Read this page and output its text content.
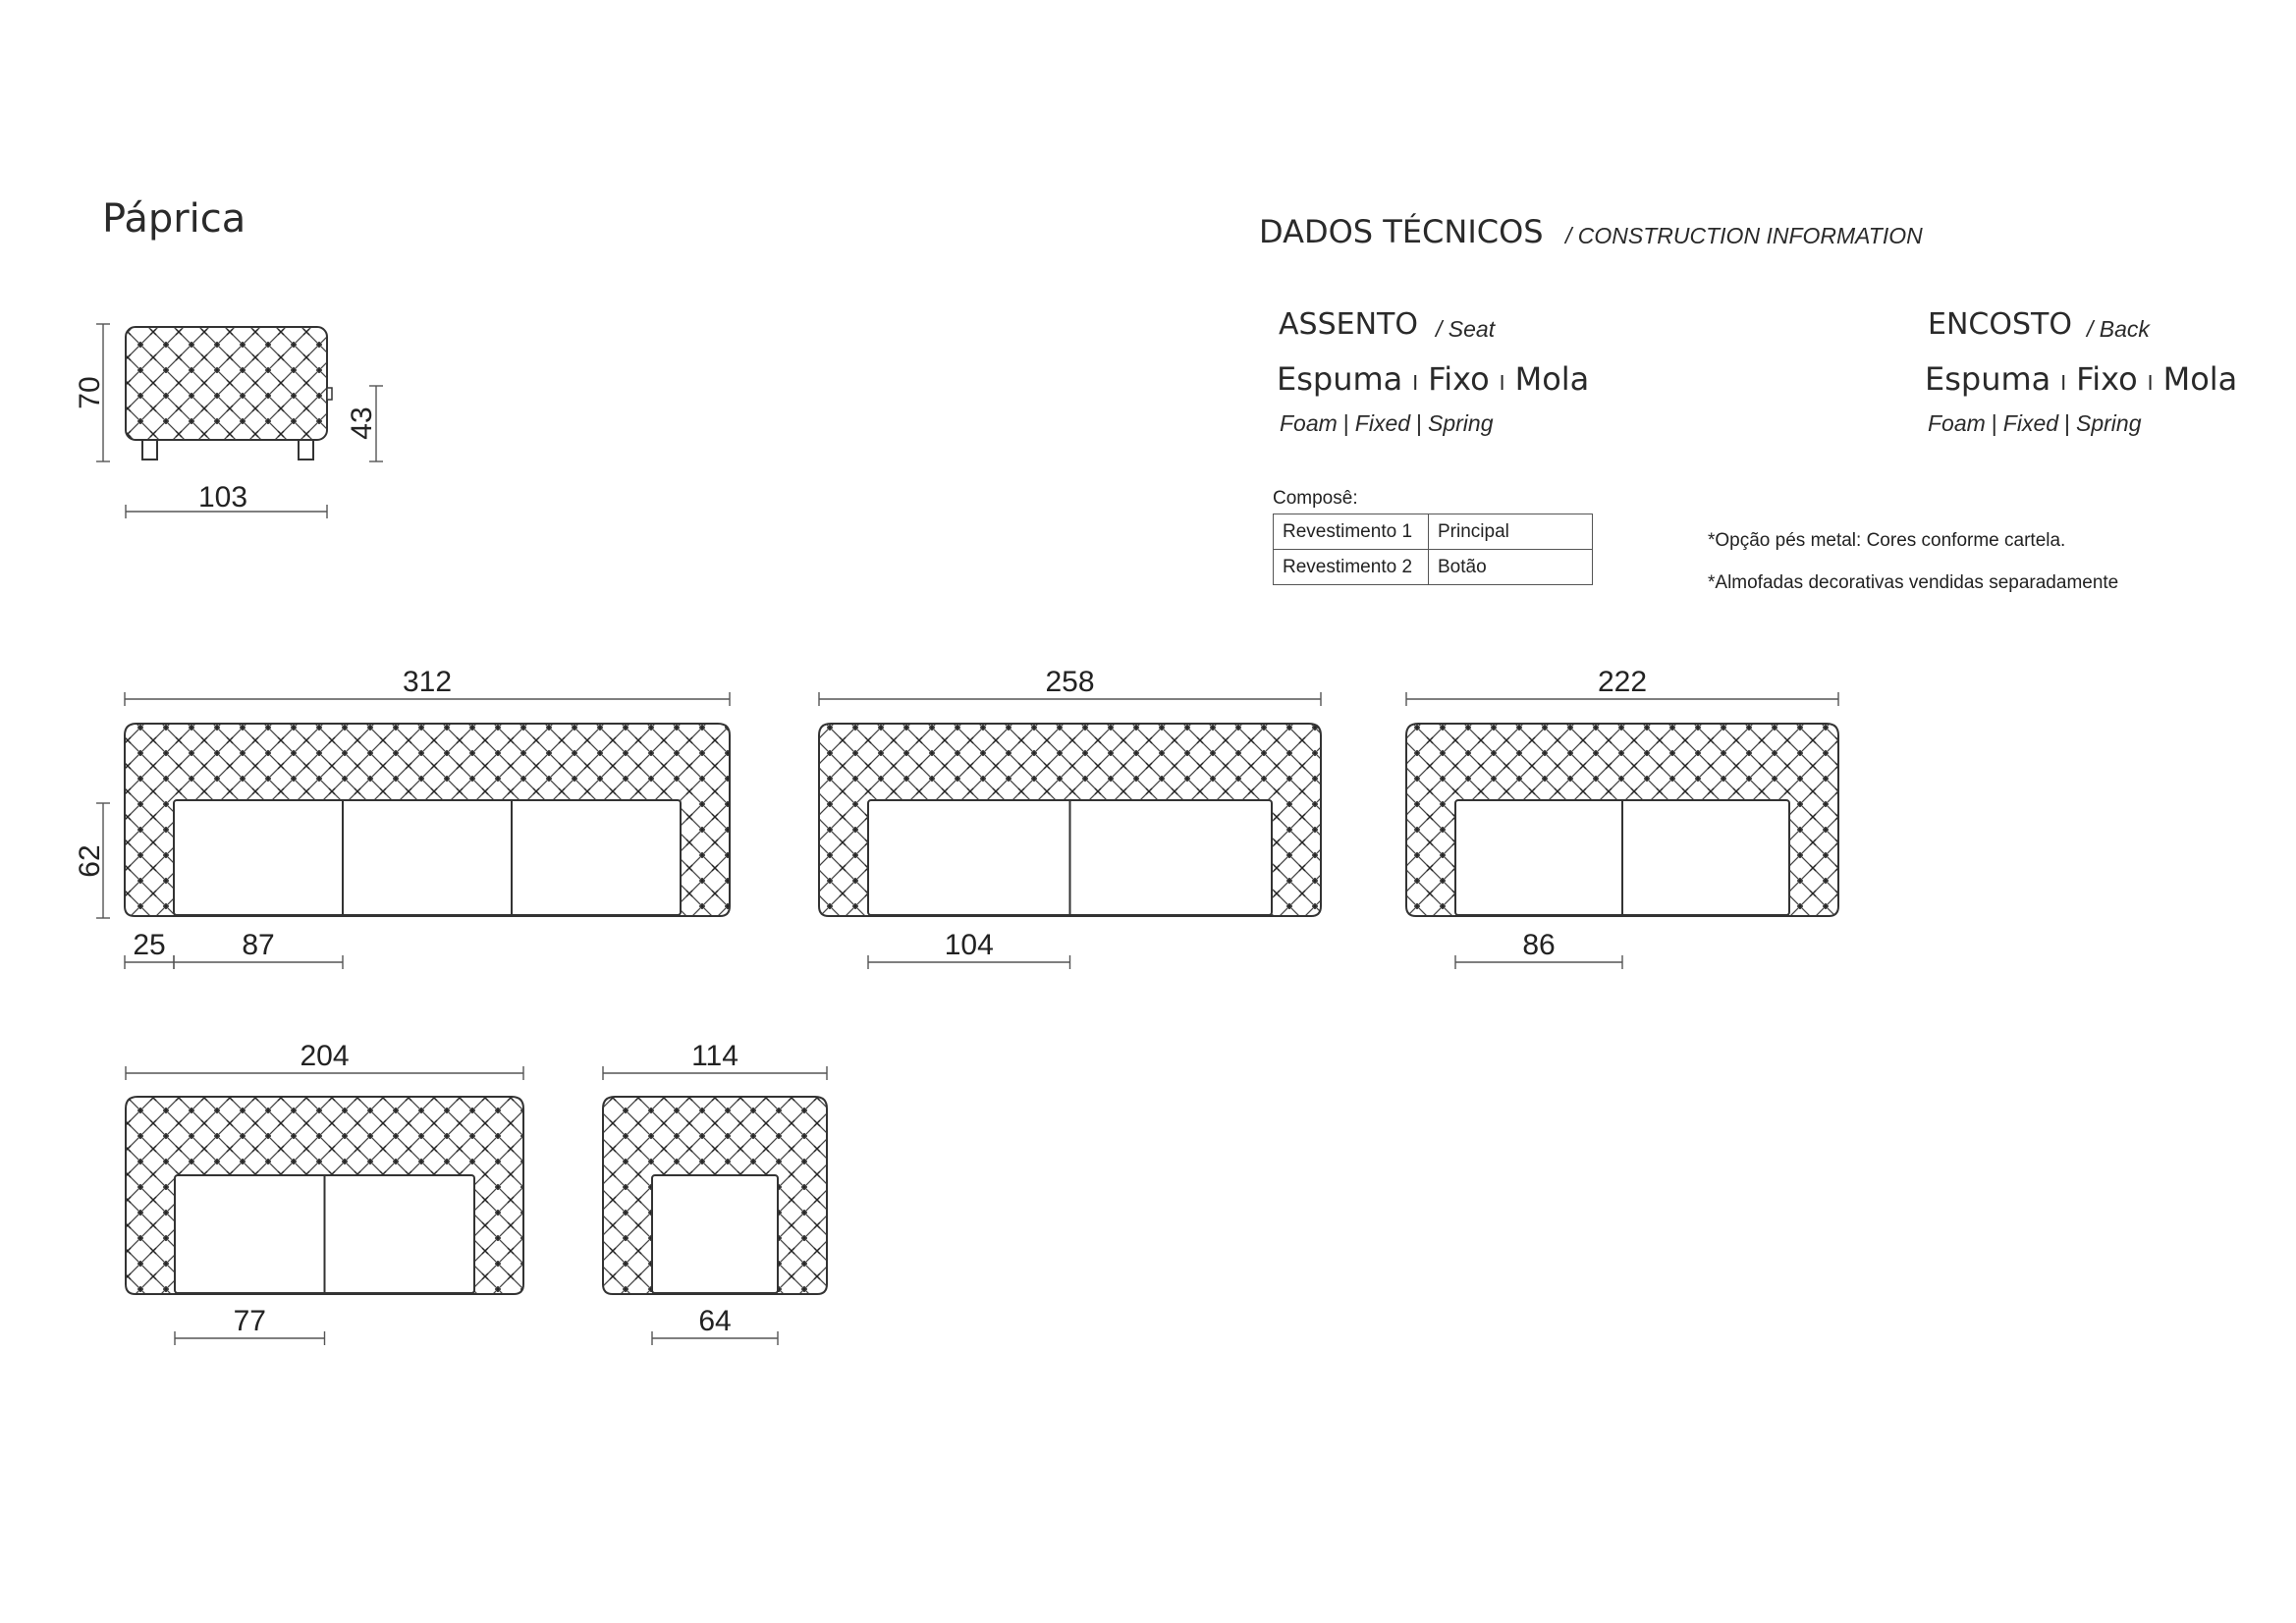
Páprica	DADOS TÉCNICOS / CONSTRUCTION INFORMATION
ASSENTO / Seat
Espuma I Fixo I Mola
Foam | Fixed | Spring
ENCOSTO / Back
Espuma I Fixo I Mola
Foam | Fixed | Spring
Composê:
Revestimento 1	Principal
Revestimento 2	Botão
*Opção pés metal: Cores conforme cartela.
*Almofadas decorativas vendidas separadamente
70
43
103
312
87
25
62
258
104
222
86
204
77
114
64
